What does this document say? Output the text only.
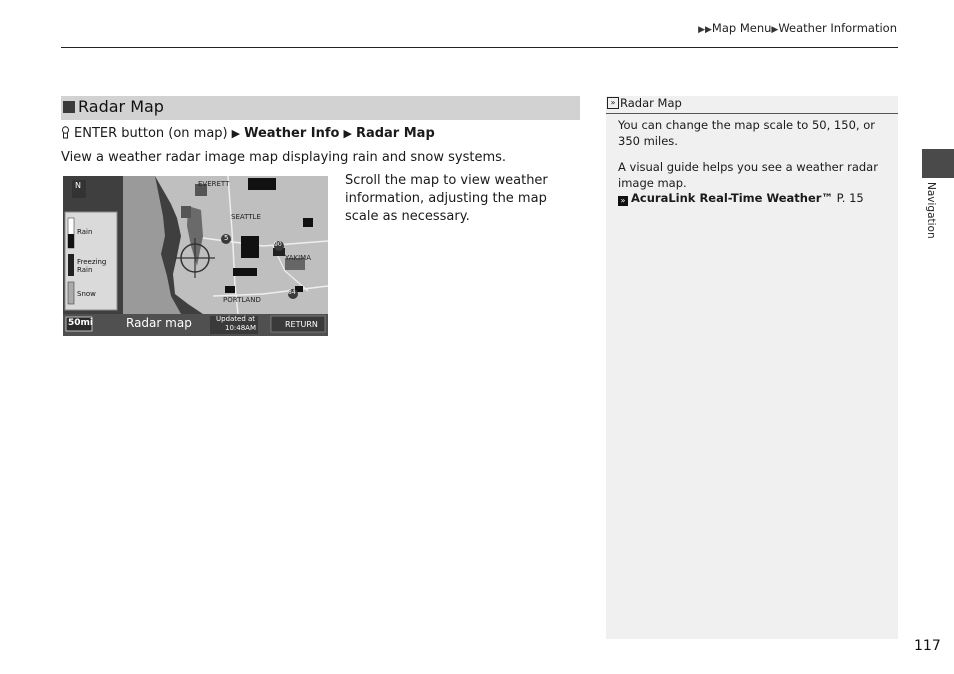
▶▶Map Menu▶Weather Information
Radar Map
ENTER button (on map) ▶ Weather Info ▶ Radar Map
View a weather radar image map displaying rain and snow systems.
Rain
Freezing Rain
Snow
EVERETT
SEATTLE
YAKIMA
PORTLAND
5
90
84
N
50mi	Radar map	Updated at
10:48AM	RETURN
Scroll the map to view weather information, adjusting the map scale as necessary.
» Radar Map
You can change the map scale to 50, 150, or 350 miles.
A visual guide helps you see a weather radar image map.
» AcuraLink Real-Time Weather™ P. 15	Navigation
117
